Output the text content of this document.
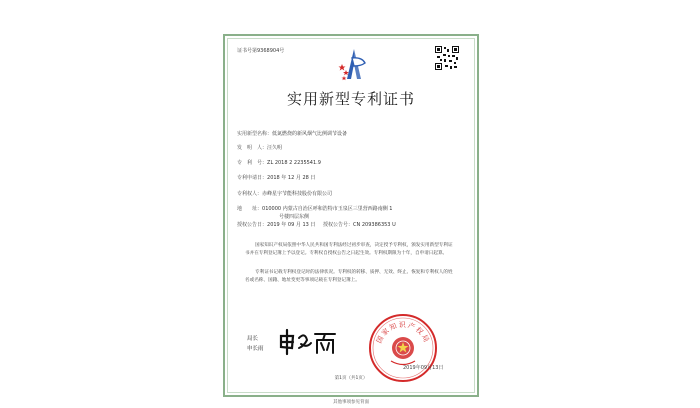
证书号第9368904号
实用新型专利证书
实用新型名称：低氮燃烧的新风烟气比例调节设备
发　明　人：汪久明
专　利　号：ZL 2018 2 2235541.9
专利申请日：2018 年 12 月 28 日
专利权人：赤峰星宇节能科技股份有限公司
地　　址：010000 内蒙古自治区呼和浩特市玉泉区三里营西路南侧 1
号楼四层东侧
授权公告日：2019 年 09 月 13 日 授权公告号：CN 209386353 U
国家知识产权局依照中华人民共和国专利法经过初步审查，决定授予专利权，颁发实用新型专利证书并在专利登记簿上予以登记。专利权自授权公告之日起生效。专利权期限为十年，自申请日起算。
专利证书记载专利权登记时的法律状况。专利权的转移、质押、无效、终止、恢复和专利权人的姓名或名称、国籍、地址变更等事项记载在专利登记簿上。
局长
申长雨
国家知识产权局
2019年09月13日
第1页（共1页）
其他事项参见背面
